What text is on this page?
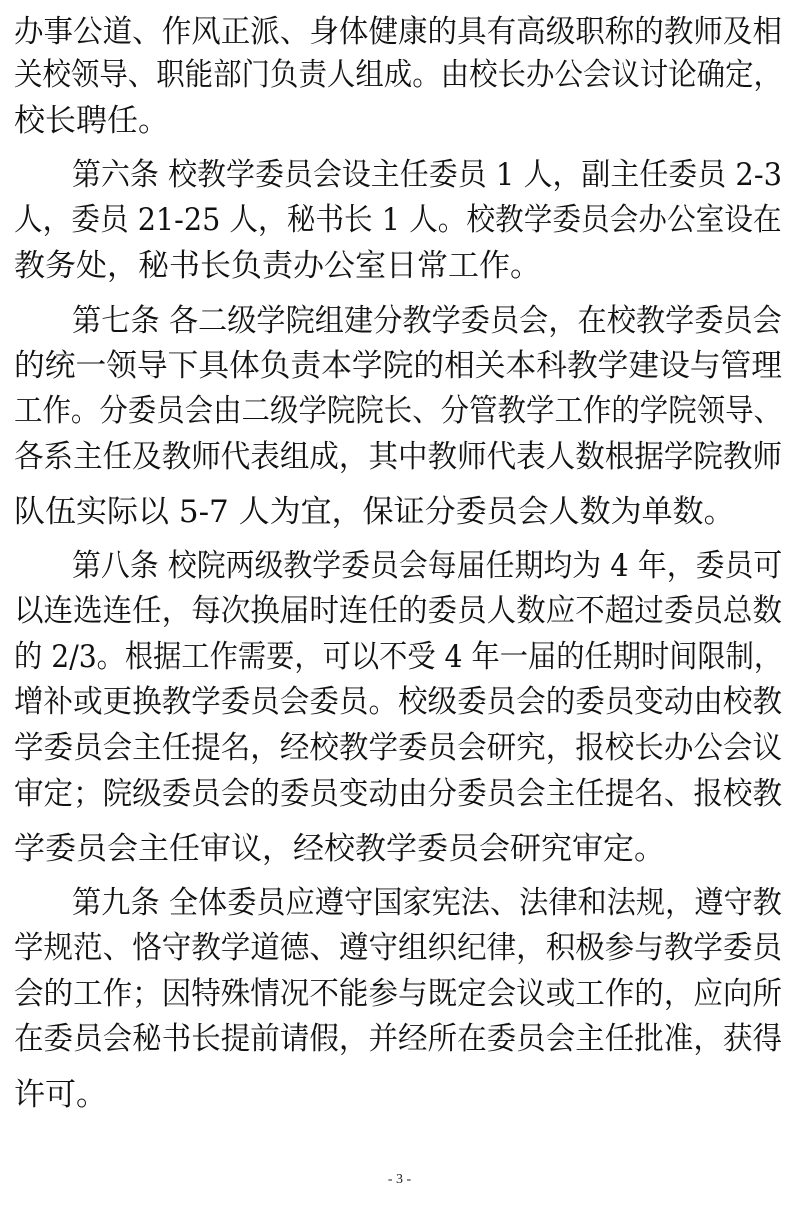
办事公道、作风正派、身体健康的具有高级职称的教师及相
关校领导、职能部门负责人组成。由校长办公会议讨论确定，
校长聘任。
第六条 校教学委员会设主任委员 1 人，副主任委员 2-3
人，委员 21-25 人，秘书长 1 人。校教学委员会办公室设在
教务处，秘书长负责办公室日常工作。
第七条 各二级学院组建分教学委员会，在校教学委员会
的统一领导下具体负责本学院的相关本科教学建设与管理
工作。分委员会由二级学院院长、分管教学工作的学院领导、
各系主任及教师代表组成，其中教师代表人数根据学院教师
队伍实际以 5-7 人为宜，保证分委员会人数为单数。
第八条 校院两级教学委员会每届任期均为 4 年，委员可
以连选连任，每次换届时连任的委员人数应不超过委员总数
的 2/3。根据工作需要，可以不受 4 年一届的任期时间限制，
增补或更换教学委员会委员。校级委员会的委员变动由校教
学委员会主任提名，经校教学委员会研究，报校长办公会议
审定；院级委员会的委员变动由分委员会主任提名、报校教
学委员会主任审议，经校教学委员会研究审定。
第九条 全体委员应遵守国家宪法、法律和法规，遵守教
学规范、恪守教学道德、遵守组织纪律，积极参与教学委员
会的工作；因特殊情况不能参与既定会议或工作的，应向所
在委员会秘书长提前请假，并经所在委员会主任批准，获得
许可。
- 3 -
